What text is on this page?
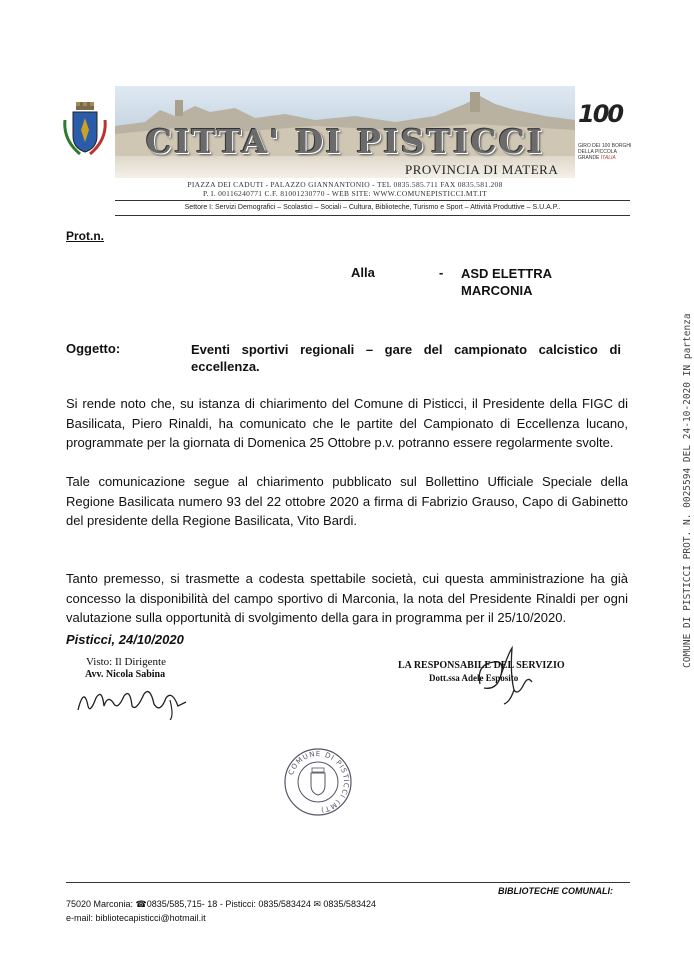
CITTA' DI PISTICCI
PROVINCIA DI MATERA
100
GIRO DEI 100 BORGHI
DELLA PICCOLA
GRANDE ITALIA
PIAZZA DEI CADUTI - PALAZZO GIANNANTONIO - TEL 0835.585.711 FAX 0835.581.208
P. I. 00116240771 C.F. 81001230770 - WEB SITE: WWW.COMUNEPISTICCI.MT.IT
Settore I: Servizi Demografici – Scolastici – Sociali – Cultura, Biblioteche, Turismo e Sport – Attività Produttive – S.U.A.P..
Prot.n.
Alla	- ASD ELETTRA
MARCONIA
Oggetto:	Eventi sportivi regionali – gare del campionato calcistico di eccellenza.

Si rende noto che, su istanza di chiarimento del Comune di Pisticci, il Presidente della FIGC di Basilicata, Piero Rinaldi, ha comunicato che le partite del Campionato di Eccellenza lucano, programmate per la giornata di Domenica 25 Ottobre p.v. potranno essere regolarmente svolte.

Tale comunicazione segue al chiarimento pubblicato sul Bollettino Ufficiale Speciale della Regione Basilicata numero 93 del 22 ottobre 2020 a firma di Fabrizio Grauso, Capo di Gabinetto del presidente della Regione Basilicata, Vito Bardi.

Tanto premesso, si trasmette a codesta spettabile società, cui questa amministrazione ha già concesso la disponibilità del campo sportivo di Marconia, la nota del Presidente Rinaldi per ogni valutazione sulla opportunità di svolgimento della gara in programma per il 25/10/2020.

Pisticci, 24/10/2020
Visto: Il Dirigente
Avv. Nicola Sabina
LA RESPONSABILE DEL SERVIZIO
Dott.ssa Adele Esposito
COMUNE DI PISTICCI (MT)
BIBLIOTECHE COMUNALI:
75020 Marconia: ☎0835/585,715- 18 - Pisticci: 0835/583424 ✉ 0835/583424
e-mail: bibliotecapisticci@hotmail.it
COMUNE DI PISTICCI PROT. N. 0025594 DEL 24-10-2020 IN partenza
